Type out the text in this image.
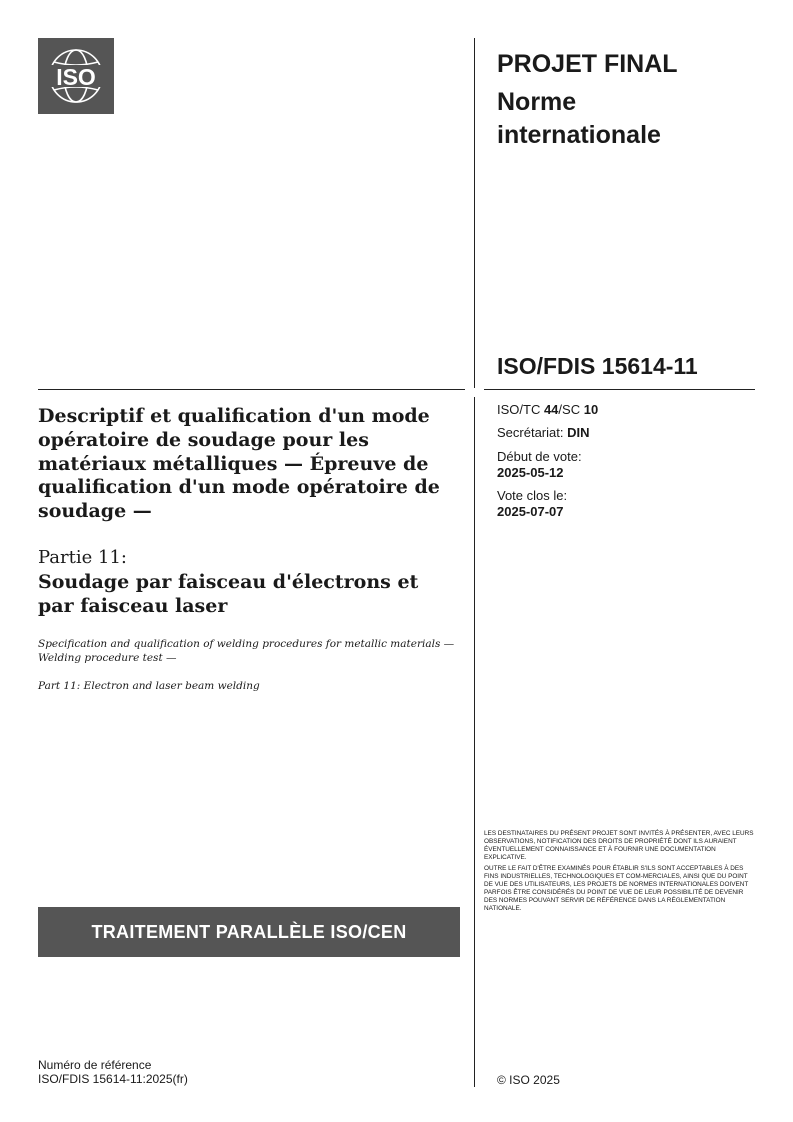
ISO	PROJET FINAL
Norme internationale
ISO/FDIS 15614-11
ISO/TC 44/SC 10
Secrétariat: DIN
Début de vote:
2025-05-12
Vote clos le:
2025-07-07
Descriptif et qualification d'un mode opératoire de soudage pour les matériaux métalliques — Épreuve de qualification d'un mode opératoire de soudage —
Partie 11:
Soudage par faisceau d'électrons et par faisceau laser
Specification and qualification of welding procedures for metallic materials — Welding procedure test —
Part 11: Electron and laser beam welding
TRAITEMENT PARALLÈLE ISO/CEN

LES DESTINATAIRES DU PRÉSENT PROJET SONT INVITÉS À PRÉSENTER, AVEC LEURS OBSERVATIONS, NOTIFICATION DES DROITS DE PROPRIÉTÉ DONT ILS AURAIENT ÉVENTUELLEMENT CONNAISSANCE ET À FOURNIR UNE DOCUMENTATION EXPLICATIVE.

OUTRE LE FAIT D'ÊTRE EXAMINÉS POUR ÉTABLIR S'ILS SONT ACCEPTABLES À DES FINS INDUSTRIELLES, TECHNOLOGIQUES ET COM-MERCIALES, AINSI QUE DU POINT DE VUE DES UTILISATEURS, LES PROJETS DE NORMES INTERNATIONALES DOIVENT PARFOIS ÊTRE CONSIDÉRÉS DU POINT DE VUE DE LEUR POSSIBILITÉ DE DEVENIR DES NORMES POUVANT SERVIR DE RÉFÉRENCE DANS LA RÉGLEMENTATION NATIONALE.

Numéro de référence
ISO/FDIS 15614-11:2025(fr)	© ISO 2025
